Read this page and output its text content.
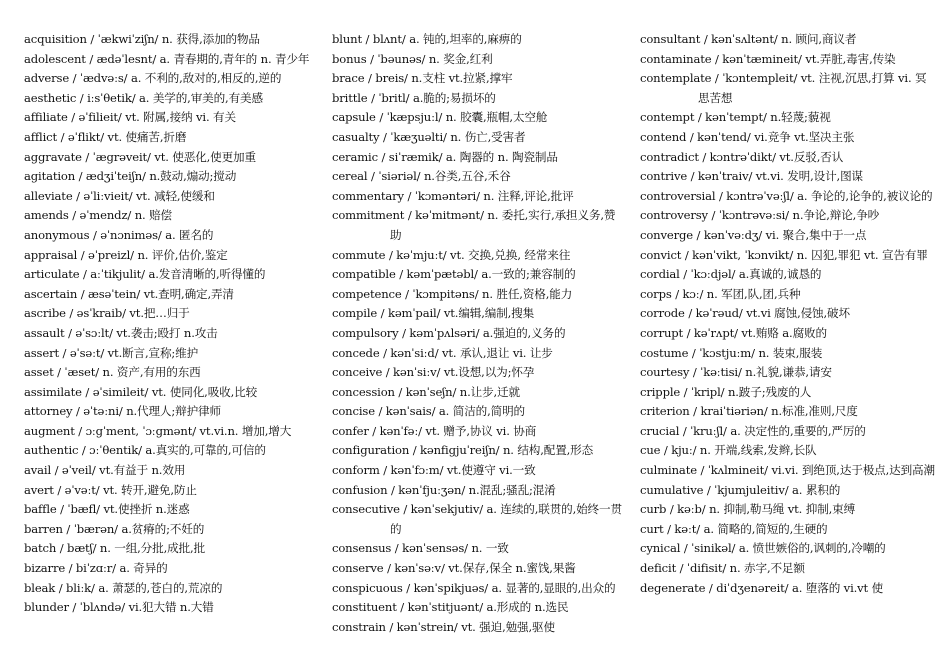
acquisition / ˈækwiˈziʃn/ n. 获得,添加的物品
adolescent / ædəˈlesnt/ a. 青春期的,青年的 n. 青少年
adverse / ˈædvəːs/ a. 不利的,敌对的,相反的,逆的
aesthetic / iːsˈθetik/ a. 美学的,审美的,有美感
affiliate / əˈfilieit/ vt. 附属,接纳 vi. 有关
afflict / əˈflikt/ vt. 使痛苦,折磨
aggravate / ˈægrəveit/ vt. 使恶化,使更加重
agitation / ædʒiˈteiʃn/ n.鼓动,煽动;搅动
alleviate / əˈliːvieit/ vt. 减轻,使缓和
amends / əˈmendz/ n. 赔偿
anonymous / əˈnɔniməs/ a. 匿名的
appraisal / əˈpreizl/ n. 评价,估价,鉴定
articulate / aːˈtikjulit/ a.发音清晰的,听得懂的
ascertain / æsəˈtein/ vt.查明,确定,弄清
ascribe / əsˈkraib/ vt.把…归于
assault / əˈsɔːlt/ vt.袭击;殴打 n.攻击
assert / əˈsəːt/ vt.断言,宣称;维护
asset / ˈæset/ n. 资产,有用的东西
assimilate / əˈsimileit/ vt. 使同化,吸收,比较
attorney / əˈtəːni/ n.代理人;辩护律师
augment / ɔːgˈment, ˈɔːgmənt/ vt.vi.n. 增加,增大
authentic / ɔːˈθentik/ a.真实的,可靠的,可信的
avail / əˈveil/ vt.有益于 n.效用
avert / əˈvəːt/ vt. 转开,避免,防止
baffle / ˈbæfl/ vt.使挫折 n.迷惑
barren / ˈbærən/ a.贫瘠的;不妊的
batch / bætʃ/ n. 一组,分批,成批,批
bizarre / biˈzɑːr/ a. 奇异的
bleak / bliːk/ a. 萧瑟的,苍白的,荒凉的
blunder / ˈblʌndə/ vi.犯大错 n.大错
blunt / blʌnt/ a. 钝的,坦率的,麻痹的
bonus / ˈbəunəs/ n. 奖金,红利
brace / breis/ n.支柱 vt.拉紧,撑牢
brittle / ˈbritl/ a.脆的;易损坏的
capsule / ˈkæpsjuːl/ n. 胶囊,瓶帽,太空舱
casualty / ˈkæʒuəlti/ n. 伤亡,受害者
ceramic / siˈræmik/ a. 陶器的 n. 陶瓷制品
cereal / ˈsiəriəl/ n.谷类,五谷,禾谷
commentary / ˈkɔməntəri/ n. 注释,评论,批评
commitment / kəˈmitmənt/ n. 委托,实行,承担义务,赞助
commute / kəˈmjuːt/ vt. 交换,兑换, 经常来往
compatible / kəmˈpætəbl/ a.一致的;兼容制的
competence / ˈkɔmpitəns/ n. 胜任,资格,能力
compile / kəmˈpail/ vt.编辑,编制,搜集
compulsory / kəmˈpʌlsəri/ a.强迫的,义务的
concede / kənˈsiːd/ vt. 承认,退让 vi. 让步
conceive / kənˈsiːv/ vt.设想,以为;怀孕
concession / kənˈseʃn/ n.让步,迁就
concise / kənˈsais/ a. 简洁的,简明的
confer / kənˈfəː/ vt. 赠予,协议 vi. 协商
configuration / kənfigjuˈreiʃn/ n. 结构,配置,形态
conform / kənˈfɔːm/ vt.使遵守 vi.一致
confusion / kənˈfjuːʒən/ n.混乱;骚乱;混淆
consecutive / kənˈsekjutiv/ a. 连续的,联贯的,始终一贯的
consensus / kənˈsensəs/ n. 一致
conserve / kənˈsəːv/ vt.保存,保全 n.蜜饯,果酱
conspicuous / kənˈspikjuəs/ a. 显著的,显眼的,出众的
constituent / kənˈstitjuənt/ a.形成的 n.选民
constrain / kənˈstrein/ vt. 强迫,勉强,驱使
consultant / kənˈsʌltənt/ n. 顾问,商议者
contaminate / kənˈtæmineit/ vt.弄脏,毒害,传染
contemplate / ˈkɔntempleit/ vt. 注视,沉思,打算 vi. 冥思苦想
contempt / kənˈtempt/ n.轻蔑;藐视
contend / kənˈtend/ vi.竞争 vt.坚决主张
contradict / kɔntrəˈdikt/ vt.反驳,否认
contrive / kənˈtraiv/ vt.vi. 发明,设计,图谋
controversial / kɔntrəˈvəːʃl/ a. 争论的,论争的,被议论的
controversy / ˈkɔntrəvəːsi/ n.争论,辩论,争吵
converge / kənˈvəːdʒ/ vi. 聚合,集中于一点
convict / kənˈvikt, ˈkɔnvikt/ n. 囚犯,罪犯 vt. 宣告有罪
cordial / ˈkɔːdjəl/ a.真诚的,诚恳的
corps / kɔː/ n. 军团,队,团,兵种
corrode / kəˈrəud/ vt.vi 腐蚀,侵蚀,破坏
corrupt / kəˈrʌpt/ vt.贿赂 a.腐败的
costume / ˈkɔstjuːm/ n. 装束,服装
courtesy / ˈkəːtisi/ n.礼貌,谦恭,请安
cripple / ˈkripl/ n.跛子;残废的人
criterion / kraiˈtiəriən/ n.标准,准则,尺度
crucial / ˈkruːʃl/ a. 决定性的,重要的,严厉的
cue / kjuː/ n. 开端,线索,发辫,长队
culminate / ˈkʌlmineit/ vi.vi. 到绝顶,达于极点,达到高潮
cumulative / ˈkjumjuleitiv/ a. 累积的
curb / kəːb/ n. 抑制,勒马绳 vt. 抑制,束缚
curt / kəːt/ a. 简略的,简短的,生硬的
cynical / ˈsinikəl/ a. 愤世嫉俗的,讽刺的,冷嘲的
deficit / ˈdifisit/ n. 赤字,不足额
degenerate / diˈdʒenəreit/ a. 堕落的 vi.vt 使
